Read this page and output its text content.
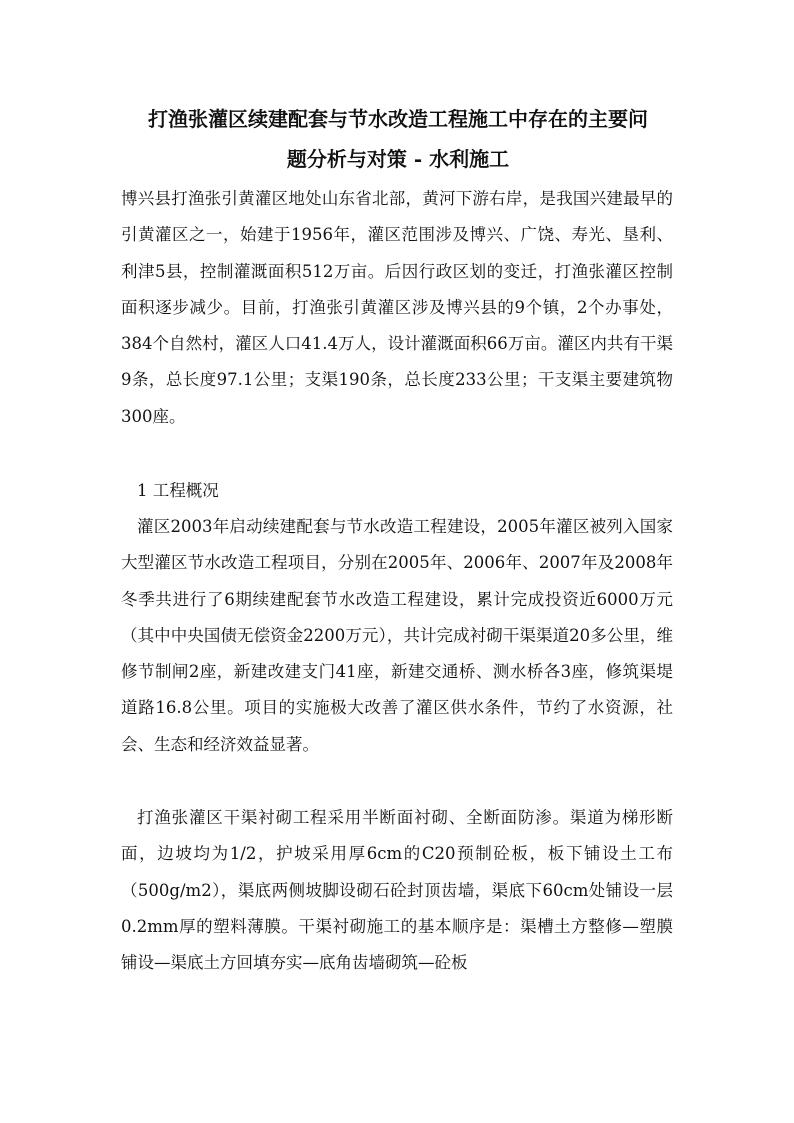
打渔张灌区续建配套与节水改造工程施工中存在的主要问
题分析与对策 - 水利施工

博兴县打渔张引黄灌区地处山东省北部，黄河下游右岸，是我国兴建最早的引黄灌区之一，始建于1956年，灌区范围涉及博兴、广饶、寿光、垦利、利津5县，控制灌溉面积512万亩。后因行政区划的变迁，打渔张灌区控制面积逐步减少。目前，打渔张引黄灌区涉及博兴县的9个镇，2个办事处，384个自然村，灌区人口41.4万人，设计灌溉面积66万亩。灌区内共有干渠9条，总长度97.1公里；支渠190条，总长度233公里；干支渠主要建筑物300座。

1 工程概况

灌区2003年启动续建配套与节水改造工程建设，2005年灌区被列入国家大型灌区节水改造工程项目，分别在2005年、2006年、2007年及2008年冬季共进行了6期续建配套节水改造工程建设，累计完成投资近6000万元（其中中央国债无偿资金2200万元），共计完成衬砌干渠渠道20多公里，维修节制闸2座，新建改建支门41座，新建交通桥、测水桥各3座，修筑渠堤道路16.8公里。项目的实施极大改善了灌区供水条件，节约了水资源，社会、生态和经济效益显著。

打渔张灌区干渠衬砌工程采用半断面衬砌、全断面防渗。渠道为梯形断面，边坡均为1/2，护坡采用厚6cm的C20预制砼板，板下铺设土工布（500g/m2），渠底两侧坡脚设砌石砼封顶齿墙，渠底下60cm处铺设一层0.2mm厚的塑料薄膜。干渠衬砌施工的基本顺序是：渠槽土方整修—塑膜铺设—渠底土方回填夯实—底角齿墙砌筑—砼板
